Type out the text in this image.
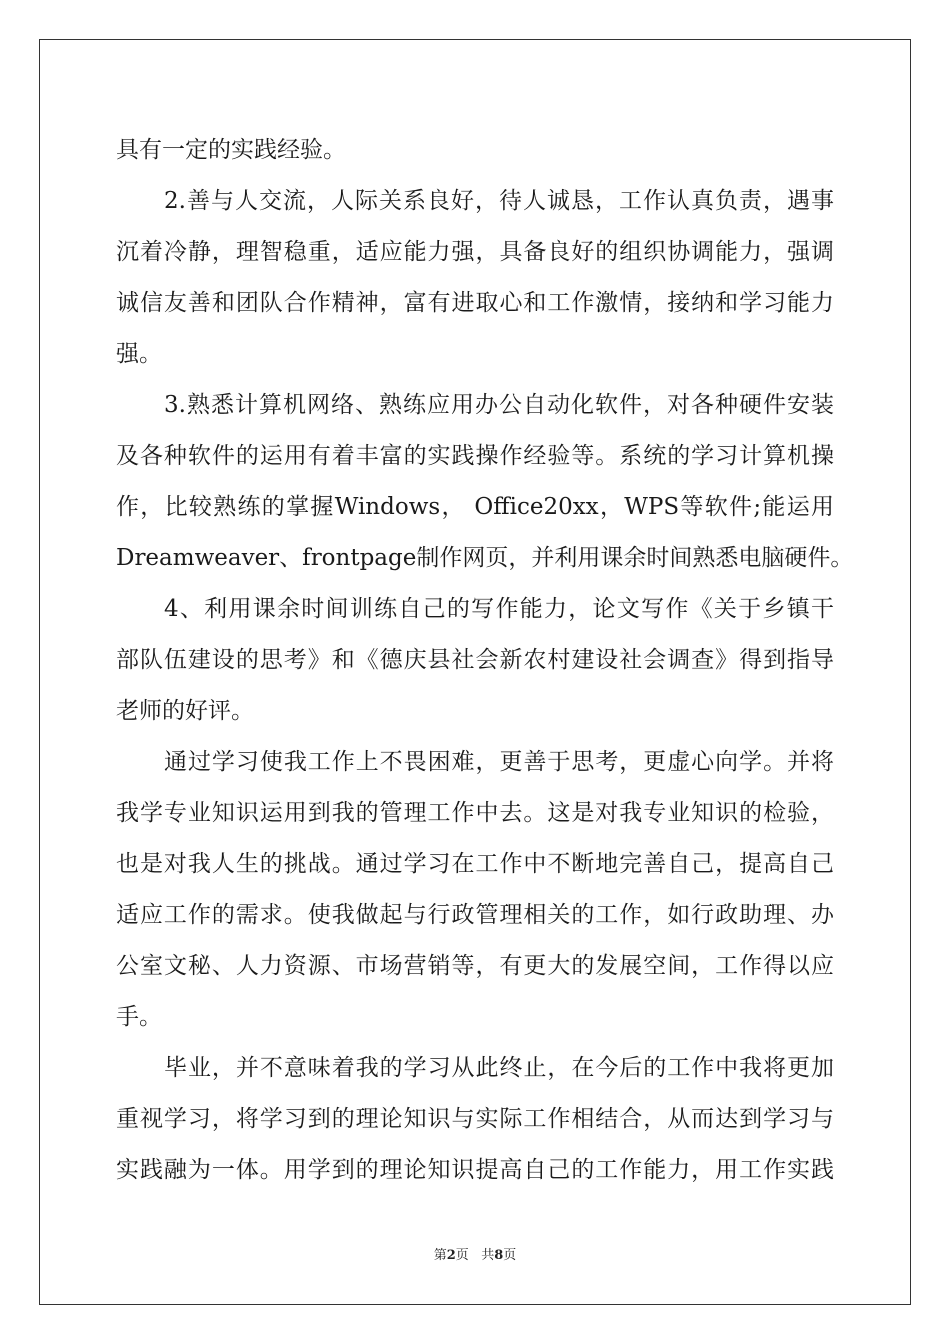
具有一定的实践经验。
2.善与人交流，人际关系良好，待人诚恳，工作认真负责，遇事
沉着冷静，理智稳重，适应能力强，具备良好的组织协调能力，强调
诚信友善和团队合作精神，富有进取心和工作激情，接纳和学习能力
强。
3.熟悉计算机网络、熟练应用办公自动化软件，对各种硬件安装
及各种软件的运用有着丰富的实践操作经验等。系统的学习计算机操
作，比较熟练的掌握Windows， Office20xx，WPS等软件;能运用
Dreamweaver、frontpage制作网页，并利用课余时间熟悉电脑硬件。
4、利用课余时间训练自己的写作能力，论文写作《关于乡镇干
部队伍建设的思考》和《德庆县社会新农村建设社会调查》得到指导
老师的好评。
通过学习使我工作上不畏困难，更善于思考，更虚心向学。并将
我学专业知识运用到我的管理工作中去。这是对我专业知识的检验，
也是对我人生的挑战。通过学习在工作中不断地完善自己，提高自己
适应工作的需求。使我做起与行政管理相关的工作，如行政助理、办
公室文秘、人力资源、市场营销等，有更大的发展空间，工作得以应
手。
毕业，并不意味着我的学习从此终止，在今后的工作中我将更加
重视学习，将学习到的理论知识与实际工作相结合，从而达到学习与
实践融为一体。用学到的理论知识提高自己的工作能力，用工作实践
第2页 共8页
